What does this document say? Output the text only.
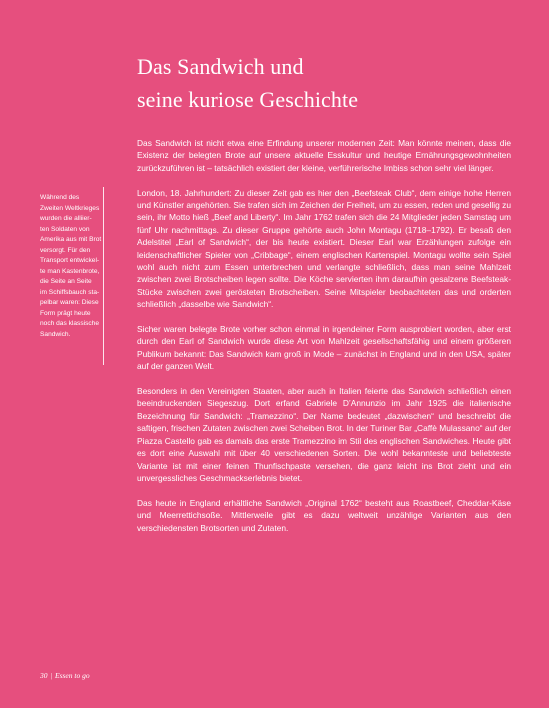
Das Sandwich und
seine kuriose Geschichte
Während des
Zweiten Weltkrieges
wurden die alliier-
ten Soldaten von
Amerika aus mit Brot
versorgt. Für den
Transport entwickel-
te man Kastenbrote,
die Seite an Seite
im Schiffsbauch sta-
pelbar waren: Diese
Form prägt heute
noch das klassische
Sandwich.

Das Sandwich ist nicht etwa eine Erfindung unserer modernen Zeit: Man könnte meinen, dass die Existenz der belegten Brote auf unsere aktuelle Esskultur und heutige Ernährungsgewohnheiten zurückzuführen ist – tatsächlich existiert der kleine, verführerische Imbiss schon sehr viel länger.

London, 18. Jahrhundert: Zu dieser Zeit gab es hier den „Beefsteak Club“, dem einige hohe Herren und Künstler angehörten. Sie trafen sich im Zeichen der Freiheit, um zu essen, reden und gesellig zu sein, ihr Motto hieß „Beef and Liberty“. Im Jahr 1762 trafen sich die 24 Mitglieder jeden Samstag um fünf Uhr nachmittags. Zu dieser Gruppe gehörte auch John Montagu (1718–1792). Er besaß den Adelstitel „Earl of Sandwich“, der bis heute existiert. Dieser Earl war Erzählungen zufolge ein leidenschaftlicher Spieler von „Cribbage“, einem englischen Kartenspiel. Montagu wollte sein Spiel wohl auch nicht zum Essen unterbrechen und verlangte schließlich, dass man seine Mahlzeit zwischen zwei Brotscheiben legen sollte. Die Köche servierten ihm daraufhin gesalzene Beefsteak-Stücke zwischen zwei gerösteten Brotscheiben. Seine Mitspieler beobachteten das und orderten schließlich „dasselbe wie Sandwich“.

Sicher waren belegte Brote vorher schon einmal in irgendeiner Form ausprobiert worden, aber erst durch den Earl of Sandwich wurde diese Art von Mahlzeit gesellschaftsfähig und einem größeren Publikum bekannt: Das Sandwich kam groß in Mode – zunächst in England und in den USA, später auf der ganzen Welt.

Besonders in den Vereinigten Staaten, aber auch in Italien feierte das Sandwich schließlich einen beeindruckenden Siegeszug. Dort erfand Gabriele D’Annunzio im Jahr 1925 die italienische Bezeichnung für Sandwich: „Tramezzino“. Der Name bedeutet „dazwischen“ und beschreibt die saftigen, frischen Zutaten zwischen zwei Scheiben Brot. In der Turiner Bar „Caffè Mulassano“ auf der Piazza Castello gab es damals das erste Tramezzino im Stil des englischen Sandwiches. Heute gibt es dort eine Auswahl mit über 40 verschiedenen Sorten. Die wohl bekannteste und beliebteste Variante ist mit einer feinen Thunfischpaste versehen, die ganz leicht ins Brot zieht und ein unvergessliches Geschmackserlebnis bietet.

Das heute in England erhältliche Sandwich „Original 1762“ besteht aus Roastbeef, Cheddar-Käse und Meerrettichsoße. Mittlerweile gibt es dazu weltweit unzählige Varianten aus den verschiedensten Brotsorten und Zutaten.

30 | Essen to go
